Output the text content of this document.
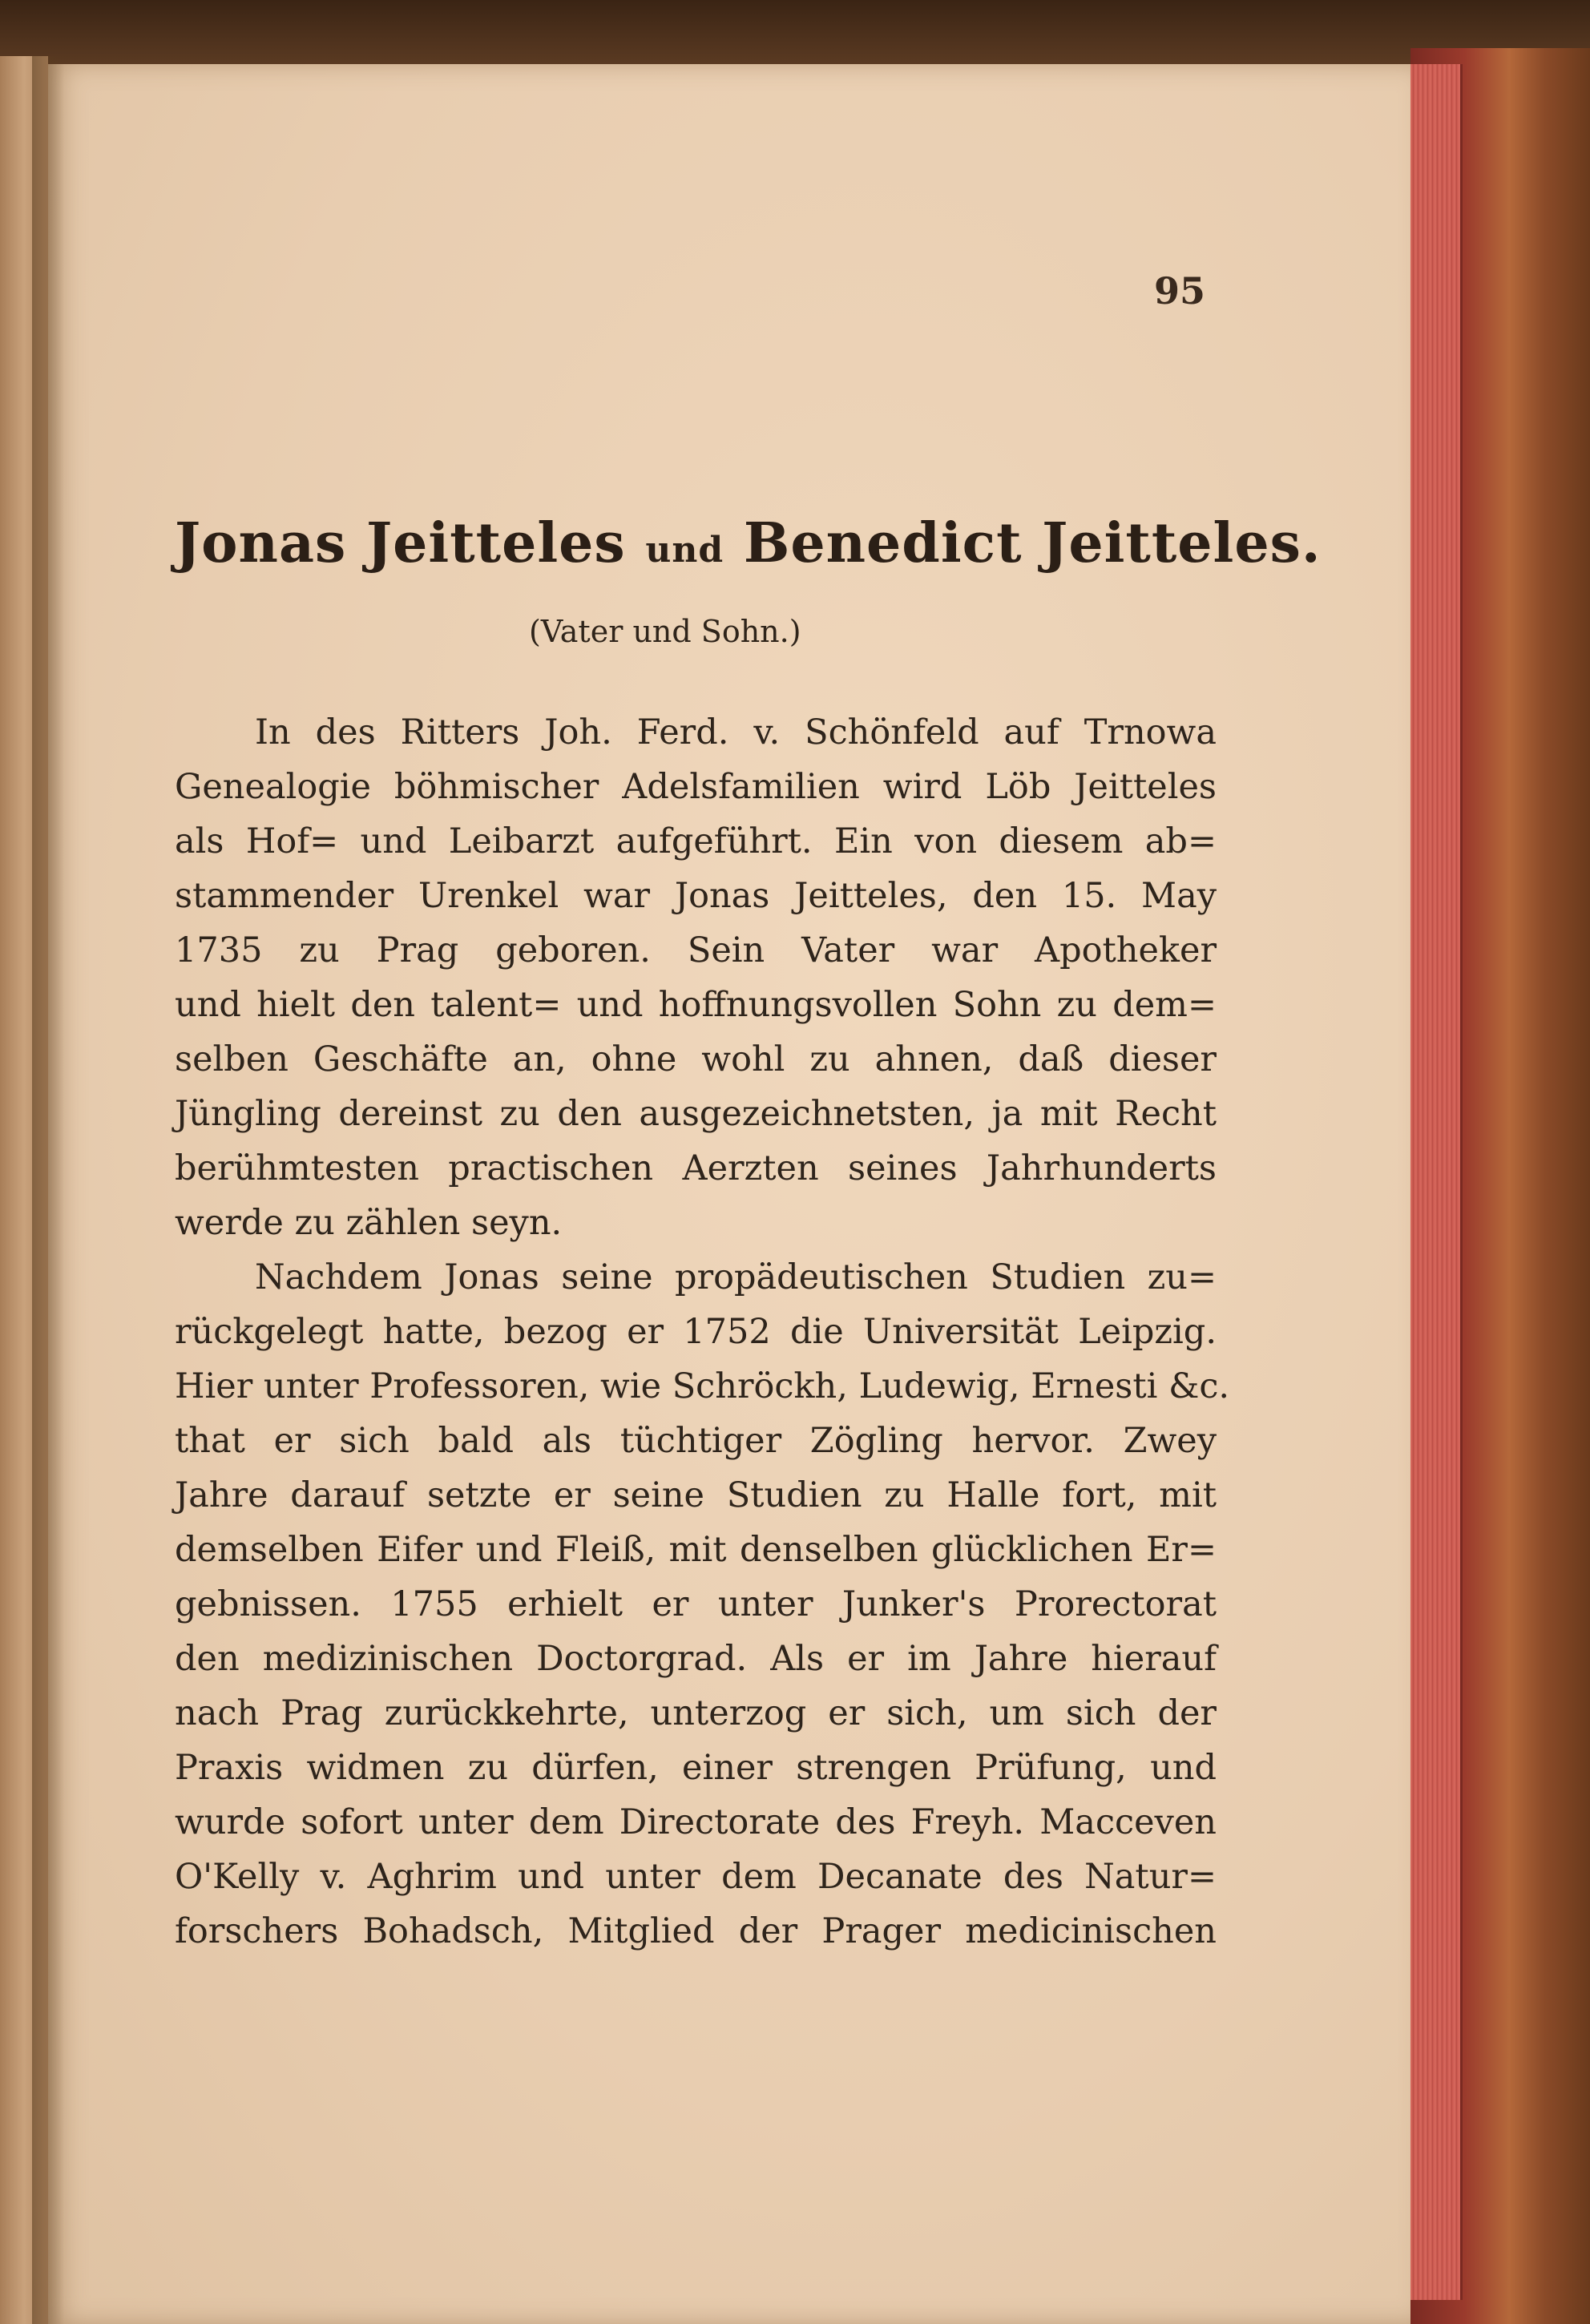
95
Jonas Jeitteles und Benedict Jeitteles.
(Vater und Sohn.)
In des Ritters Joh. Ferd. v. Schönfeld auf Trnowa
Genealogie böhmischer Adelsfamilien wird Löb Jeitteles
als Hof= und Leibarzt aufgeführt. Ein von diesem ab=
stammender Urenkel war Jonas Jeitteles, den 15. May
1735 zu Prag geboren. Sein Vater war Apotheker
und hielt den talent= und hoffnungsvollen Sohn zu dem=
selben Geschäfte an, ohne wohl zu ahnen, daß dieser
Jüngling dereinst zu den ausgezeichnetsten, ja mit Recht
berühmtesten practischen Aerzten seines Jahrhunderts
werde zu zählen seyn.
Nachdem Jonas seine propädeutischen Studien zu=
rückgelegt hatte, bezog er 1752 die Universität Leipzig.
Hier unter Professoren, wie Schröckh, Ludewig, Ernesti &c.
that er sich bald als tüchtiger Zögling hervor. Zwey
Jahre darauf setzte er seine Studien zu Halle fort, mit
demselben Eifer und Fleiß, mit denselben glücklichen Er=
gebnissen. 1755 erhielt er unter Junker's Prorectorat
den medizinischen Doctorgrad. Als er im Jahre hierauf
nach Prag zurückkehrte, unterzog er sich, um sich der
Praxis widmen zu dürfen, einer strengen Prüfung, und
wurde sofort unter dem Directorate des Freyh. Macceven
O'Kelly v. Aghrim und unter dem Decanate des Natur=
forschers Bohadsch, Mitglied der Prager medicinischen
